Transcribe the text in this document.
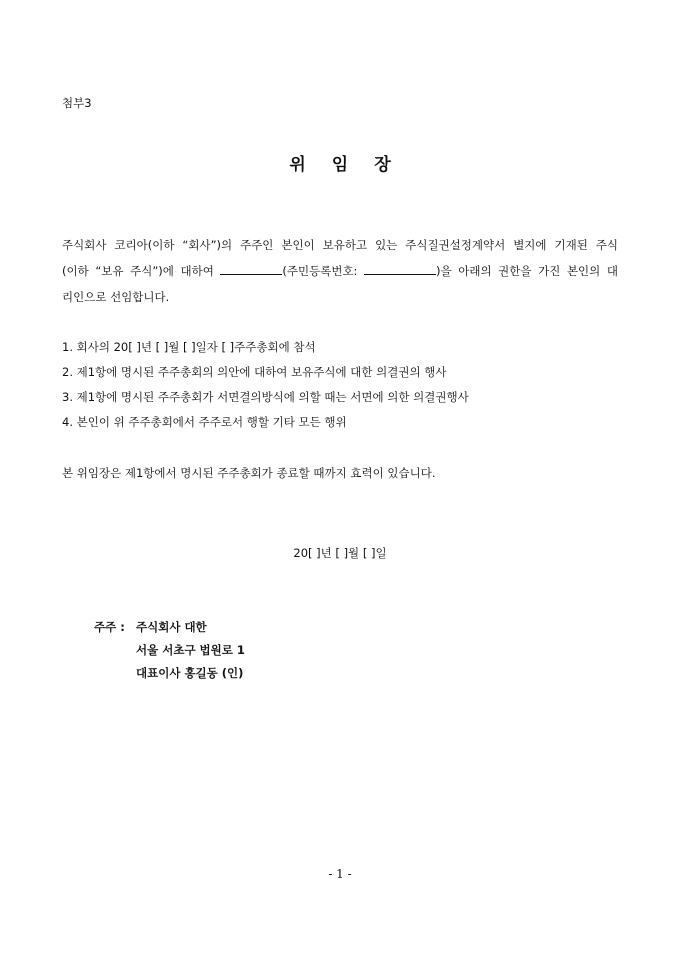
첨부3
위임장
주식회사 코리아(이하 “회사”)의 주주인 본인이 보유하고 있는 주식질권설정계약서 별지에 기재된 주식
(이하 “보유 주식”)에 대하여	(주민등록번호:	)을 아래의 권한을 가진 본인의 대
리인으로 선임합니다.
1. 회사의 20[ ]년 [ ]월 [ ]일자 [ ]주주총회에 참석
2. 제1항에 명시된 주주총회의 의안에 대하여 보유주식에 대한 의결권의 행사
3. 제1항에 명시된 주주총회가 서면결의방식에 의할 때는 서면에 의한 의결권행사
4. 본인이 위 주주총회에서 주주로서 행할 기타 모든 행위
본 위임장은 제1항에서 명시된 주주총회가 종료할 때까지 효력이 있습니다.
20[ ]년 [ ]월 [ ]일
주주 : 주식회사 대한
서울 서초구 법원로 1
대표이사 홍길동 (인)
- 1 -
